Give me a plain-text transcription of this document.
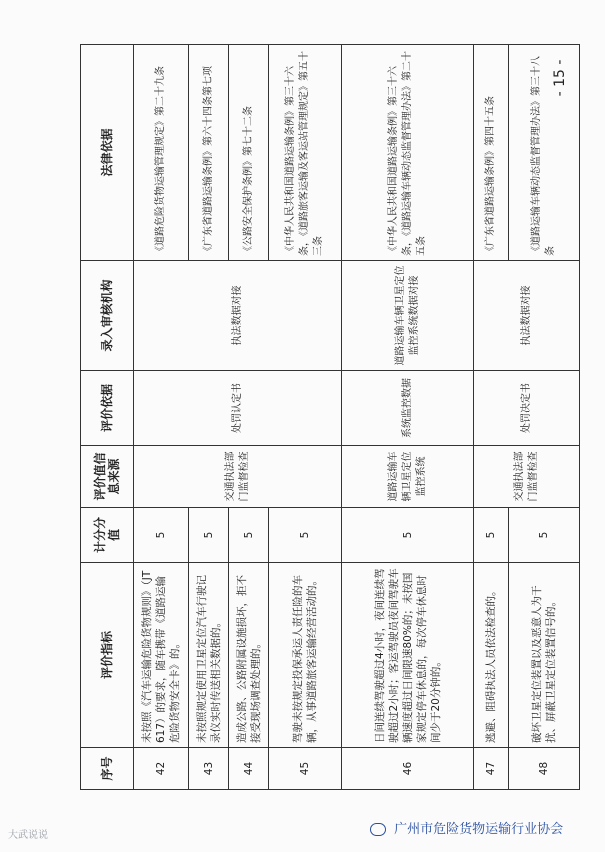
序号	评价指标	计分分值	评价值信息来源	评价依据	录入审核机构	法律依据
42	未按照《汽车运输危险货物规则》（JT617）的要求，随车携带《道路运输危险货物安全卡》的。	5	交通执法部门监督检查	处罚认定书	执法数据对接	《道路危险货物运输管理规定》第二十九条
43	未按照规定使用卫星定位汽车行驶记录仪实时传送相关数据的。	5				《广东省道路运输条例》第六十四条第七项
44	造成公路、公路附属设施损坏，拒不接受现场调查处理的。	5				《公路安全保护条例》第七十二条
45	驾驶未按规定投保承运人责任险的车辆，从事道路旅客运输经营活动的。	5				《中华人民共和国道路运输条例》第三十六条，《道路旅客运输及客运站管理规定》第五十三条
46	日间连续驾驶超过4小时，夜间连续驾驶超过2小时；客运驾驶员夜间驾驶车辆速度超过日间限速80%的；未按国家规定停车休息的，每次停车休息时间少于20分钟的。	5	道路运输车辆卫星定位监控系统	系统监控数据	道路运输车辆卫星定位监控系统数据对接	《中华人民共和国道路运输条例》第三十六条，《道路运输车辆动态监督管理办法》第二十五条
47	逃避、阻碍执法人员依法检查的。	5	交通执法部门监督检查	处罚决定书	执法数据对接	《广东省道路运输条例》第四十五条
48	破坏卫星定位装置以及恶意人为干扰、屏蔽卫星定位装置信号的。	5				《道路运输车辆动态监督管理办法》第三十八条
- 15 -
大武说说	广州市危险货物运输行业协会
